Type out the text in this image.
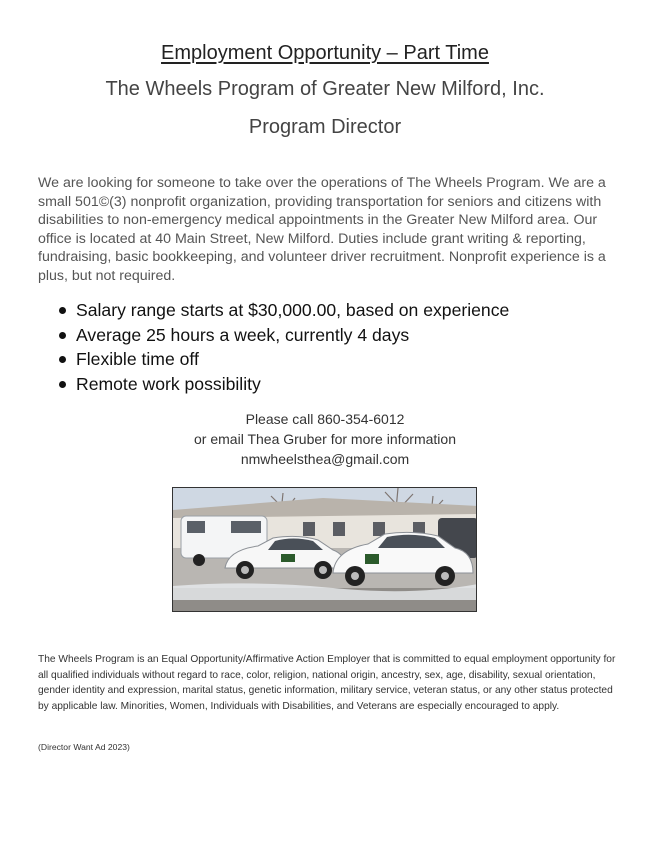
Employment Opportunity – Part Time
The Wheels Program of Greater New Milford, Inc.
Program Director

We are looking for someone to take over the operations of The Wheels Program. We are a small 501©(3) nonprofit organization, providing transportation for seniors and citizens with disabilities to non-emergency medical appointments in the Greater New Milford area. Our office is located at 40 Main Street, New Milford. Duties include grant writing & reporting, fundraising, basic bookkeeping, and volunteer driver recruitment. Nonprofit experience is a plus, but not required.

Salary range starts at $30,000.00, based on experience
Average 25 hours a week, currently 4 days
Flexible time off
Remote work possibility
Please call 860-354-6012
or email Thea Gruber for more information
nmwheelsthea@gmail.com

The Wheels Program is an Equal Opportunity/Affirmative Action Employer that is committed to equal employment opportunity for all qualified individuals without regard to race, color, religion, national origin, ancestry, sex, age, disability, sexual orientation, gender identity and expression, marital status, genetic information, military service, veteran status, or any other status protected by applicable law. Minorities, Women, Individuals with Disabilities, and Veterans are especially encouraged to apply.

(Director Want Ad 2023)
